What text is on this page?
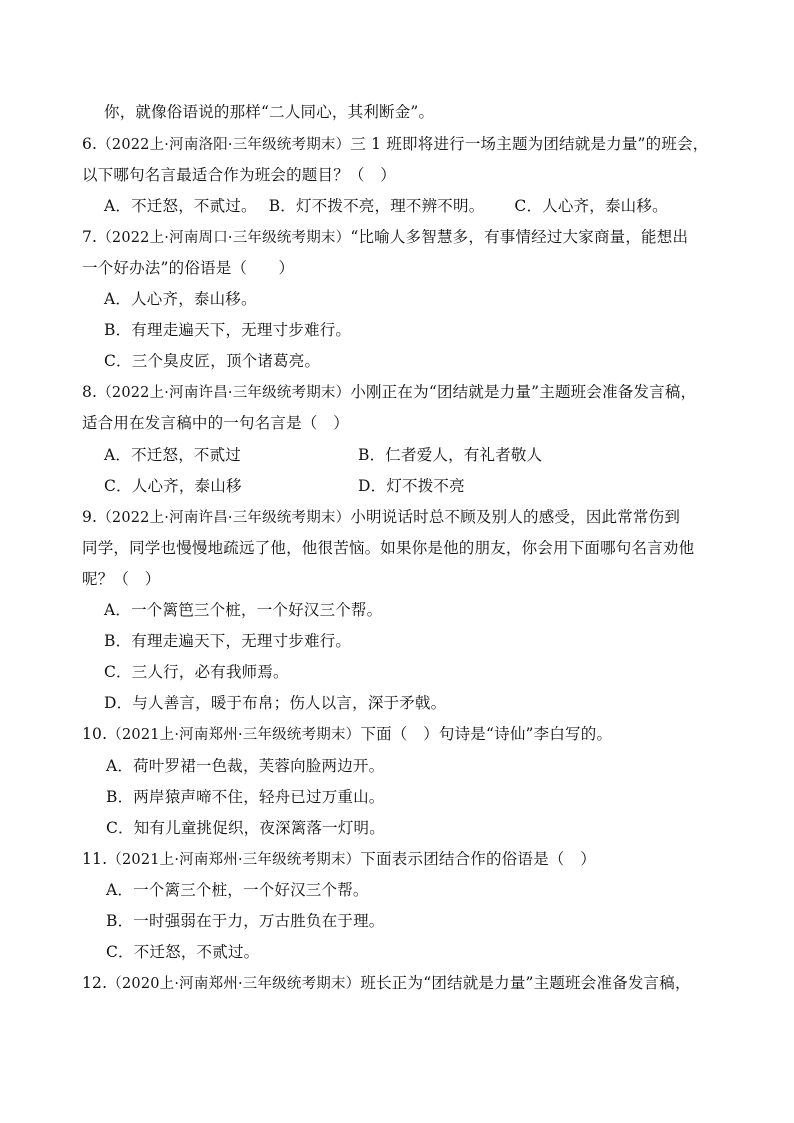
你，就像俗语说的那样“二人同心，其利断金”。
6.（2022上·河南洛阳·三年级统考期末）三 1 班即将进行一场主题为团结就是力量”的班会，
以下哪句名言最适合作为班会的题目？（　）
A．不迁怒，不贰过。 B．灯不拨不亮，理不辨不明。 C．人心齐，泰山移。
7.（2022上·河南周口·三年级统考期末）“比喻人多智慧多，有事情经过大家商量，能想出
一个好办法”的俗语是（　　）
A．人心齐，泰山移。
B．有理走遍天下，无理寸步难行。
C．三个臭皮匠，顶个诸葛亮。
8.（2022上·河南许昌·三年级统考期末）小刚正在为“团结就是力量”主题班会准备发言稿，
适合用在发言稿中的一句名言是（　）
A．不迁怒，不贰过	B．仁者爱人，有礼者敬人
C．人心齐，泰山移	D．灯不拨不亮
9.（2022上·河南许昌·三年级统考期末）小明说话时总不顾及别人的感受，因此常常伤到
同学，同学也慢慢地疏远了他，他很苦恼。如果你是他的朋友，你会用下面哪句名言劝他
呢？（　）
A．一个篱笆三个桩，一个好汉三个帮。
B．有理走遍天下，无理寸步难行。
C．三人行，必有我师焉。
D．与人善言，暖于布帛；伤人以言，深于矛戟。
10.（2021上·河南郑州·三年级统考期末）下面（　）句诗是“诗仙”李白写的。
A．荷叶罗裙一色裁，芙蓉向脸两边开。
B．两岸猿声啼不住，轻舟已过万重山。
C．知有儿童挑促织，夜深篱落一灯明。
11.（2021上·河南郑州·三年级统考期末）下面表示团结合作的俗语是（　）
A．一个篱三个桩，一个好汉三个帮。
B．一时强弱在于力，万古胜负在于理。
C．不迁怒，不贰过。
12.（2020上·河南郑州·三年级统考期末）班长正为“团结就是力量”主题班会准备发言稿，
